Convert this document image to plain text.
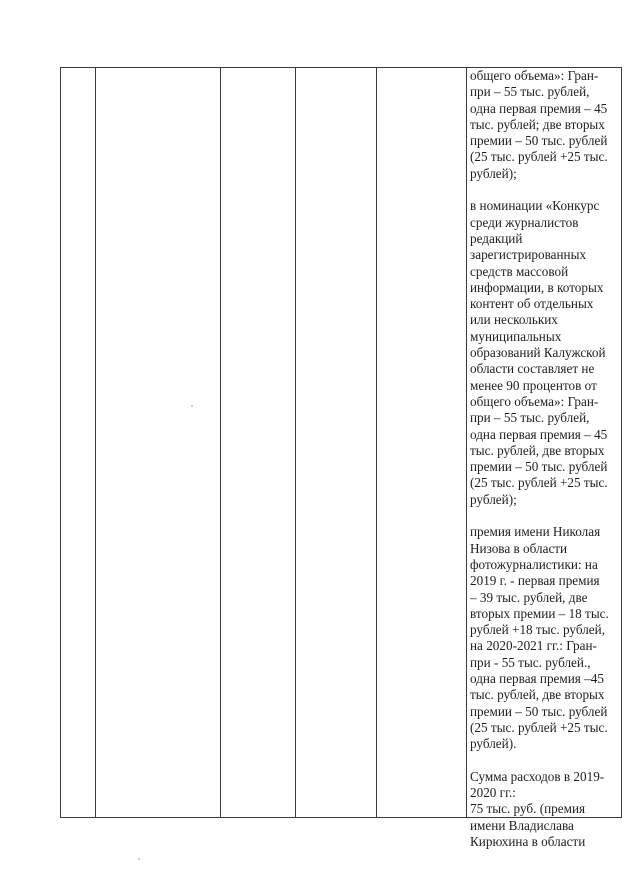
общего объема»: Гран-
при – 55 тыс. рублей,
одна первая премия – 45
тыс. рублей; две вторых
премии – 50 тыс. рублей
(25 тыс. рублей +25 тыс.
рублей);

в номинации «Конкурс
среди журналистов
редакций
зарегистрированных
средств массовой
информации, в которых
контент об отдельных
или нескольких
муниципальных
образований Калужской
области составляет не
менее 90 процентов от
общего объема»: Гран-
при – 55 тыс. рублей,
одна первая премия – 45
тыс. рублей, две вторых
премии – 50 тыс. рублей
(25 тыс. рублей +25 тыс.
рублей);

премия имени Николая
Низова в области
фотожурналистики: на
2019 г. - первая премия
– 39 тыс. рублей, две
вторых премии – 18 тыс.
рублей +18 тыс. рублей,
на 2020-2021 гг.: Гран-
при - 55 тыс. рублей.,
одна первая премия –45
тыс. рублей, две вторых
премии – 50 тыс. рублей
(25 тыс. рублей +25 тыс.
рублей).

Сумма расходов в 2019-
2020 гг.:
75 тыс. руб. (премия
имени Владислава
Кирюхина в области
